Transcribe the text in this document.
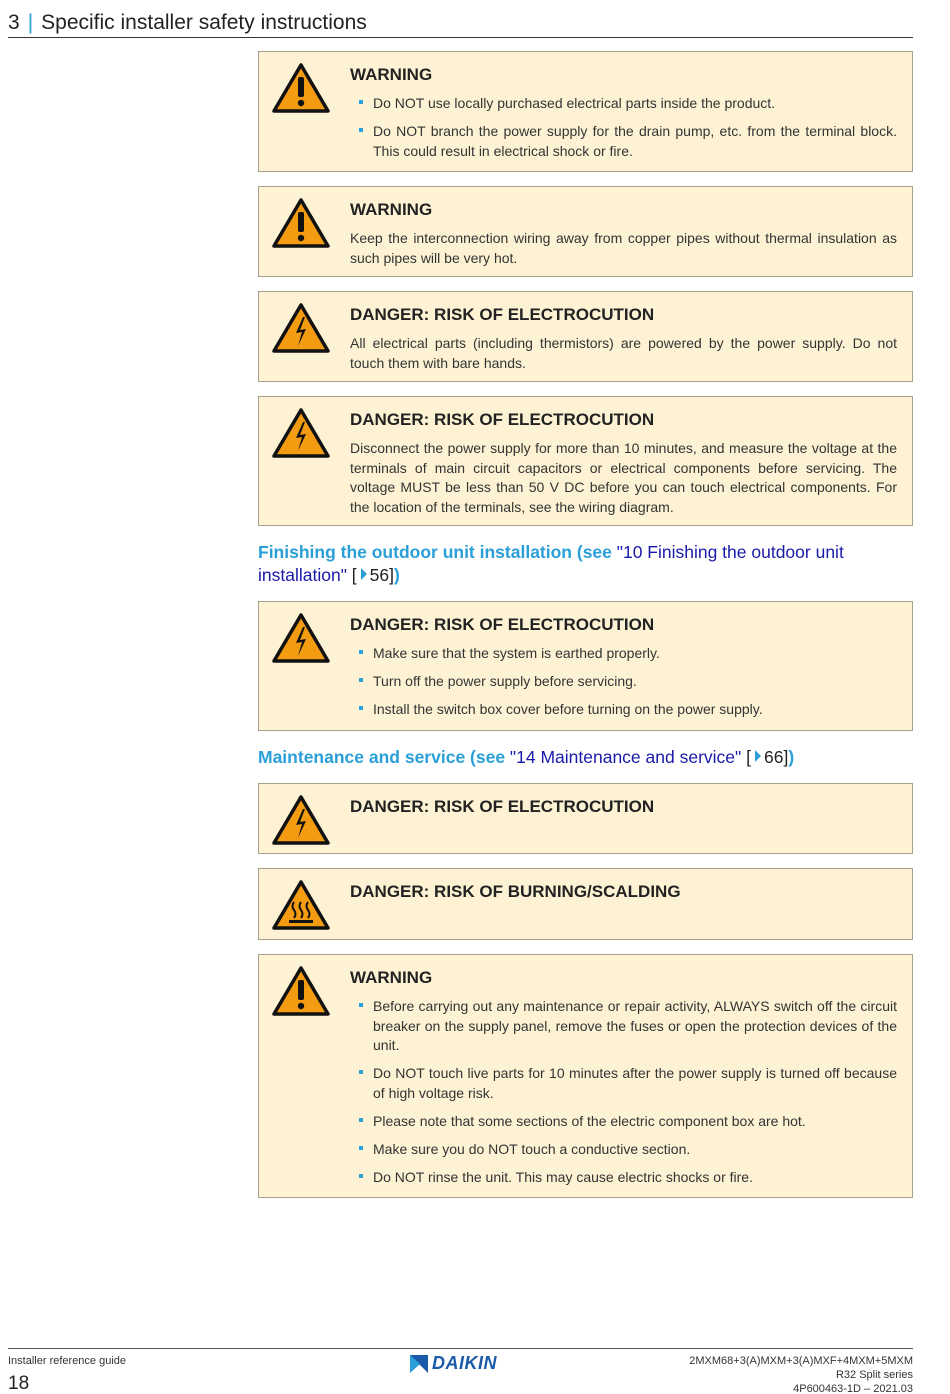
3 | Specific installer safety instructions
WARNING
Do NOT use locally purchased electrical parts inside the product.
Do NOT branch the power supply for the drain pump, etc. from the terminal block. This could result in electrical shock or fire.
WARNING
Keep the interconnection wiring away from copper pipes without thermal insulation as such pipes will be very hot.
DANGER: RISK OF ELECTROCUTION
All electrical parts (including thermistors) are powered by the power supply. Do not touch them with bare hands.
DANGER: RISK OF ELECTROCUTION
Disconnect the power supply for more than 10 minutes, and measure the voltage at the terminals of main circuit capacitors or electrical components before servicing. The voltage MUST be less than 50 V DC before you can touch electrical components. For the location of the terminals, see the wiring diagram.
Finishing the outdoor unit installation (see "10 Finishing the outdoor unit installation" [ 56])
DANGER: RISK OF ELECTROCUTION
Make sure that the system is earthed properly.
Turn off the power supply before servicing.
Install the switch box cover before turning on the power supply.
Maintenance and service (see "14 Maintenance and service" [ 66])
DANGER: RISK OF ELECTROCUTION
DANGER: RISK OF BURNING/SCALDING
WARNING
Before carrying out any maintenance or repair activity, ALWAYS switch off the circuit breaker on the supply panel, remove the fuses or open the protection devices of the unit.
Do NOT touch live parts for 10 minutes after the power supply is turned off because of high voltage risk.
Please note that some sections of the electric component box are hot.
Make sure you do NOT touch a conductive section.
Do NOT rinse the unit. This may cause electric shocks or fire.
Installer reference guide
18
DAIKIN	2MXM68+3(A)MXM+3(A)MXF+4MXM+5MXM
R32 Split series
4P600463-1D – 2021.03
